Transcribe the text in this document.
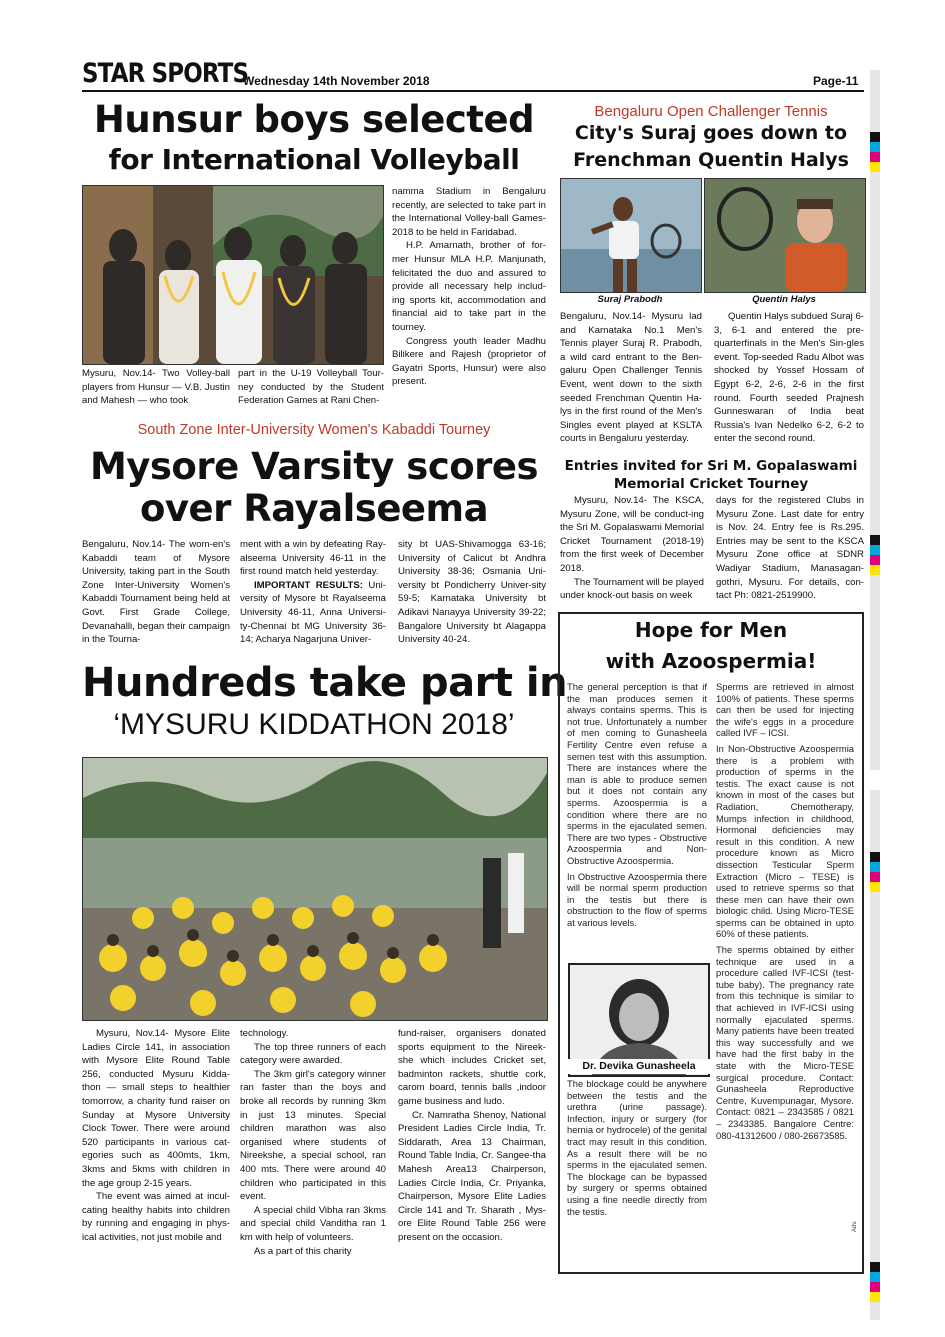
STAR SPORTS
Wednesday 14th November 2018	Page-11
Hunsur boys selected
for International Volleyball

Mysuru, Nov.14- Two Volley-ball players from Hunsur — V.B. Justin and Mahesh — who took

part in the U-19 Volleyball Tour-ney conducted by the Student Federation Games at Rani Chen-

namma Stadium in Bengaluru recently, are selected to take part in the International Volley-ball Games-2018 to be held in Faridabad.

H.P. Amarnath, brother of for-mer Hunsur MLA H.P. Manjunath, felicitated the duo and assured to provide all necessary help includ-ing sports kit, accommodation and financial aid to take part in the tourney.

Congress youth leader Madhu Bilikere and Rajesh (proprietor of Gayatri Sports, Hunsur) were also present.

Bengaluru Open Challenger Tennis
City's Suraj goes down to
Frenchman Quentin Halys
Suraj Prabodh	Quentin Halys

Bengaluru, Nov.14- Mysuru lad and Karnataka No.1 Men's Tennis player Suraj R. Prabodh, a wild card entrant to the Ben-galuru Open Challenger Tennis Event, went down to the sixth seeded Frenchman Quentin Ha-lys in the first round of the Men's Singles event played at KSLTA courts in Bengaluru yesterday.

Quentin Halys subdued Suraj 6-3, 6-1 and entered the pre-quarterfinals in the Men's Sin-gles event. Top-seeded Radu Albot was shocked by Yossef Hossam of Egypt 6-2, 2-6, 2-6 in the first round. Fourth seeded Prajnesh Gunneswaran of India beat Russia's Ivan Nedelko 6-2, 6-2 to enter the second round.

South Zone Inter-University Women's Kabaddi Tourney
Mysore Varsity scores
over Rayalseema

Bengaluru, Nov.14- The wom-en's Kabaddi team of Mysore University, taking part in the South Zone Inter-University Women's Kabaddi Tournament being held at Govt. First Grade College, Devanahalli, began their campaign in the Tourna-

ment with a win by defeating Ray-alseema University 46-11 in the first round match held yesterday.

IMPORTANT RESULTS: Uni-versity of Mysore bt Rayalseema University 46-11, Anna Universi-ty-Chennai bt MG University 36-14; Acharya Nagarjuna Univer-

sity bt UAS-Shivamogga 63-16; University of Calicut bt Andhra University 38-36; Osmania Uni-versity bt Pondicherry Univer-sity 59-5; Karnataka University bt Adikavi Nanayya University 39-22; Bangalore University bt Alagappa University 40-24.

Entries invited for Sri M. Gopalaswami
Memorial Cricket Tourney

Mysuru, Nov.14- The KSCA, Mysuru Zone, will be conduct-ing the Sri M. Gopalaswami Memorial Cricket Tournament (2018-19) from the first week of December 2018.

The Tournament will be played under knock-out basis on week

days for the registered Clubs in Mysuru Zone. Last date for entry is Nov. 24. Entry fee is Rs.295. Entries may be sent to the KSCA Mysuru Zone office at SDNR Wadiyar Stadium, Manasagan-gothri, Mysuru. For details, con-tact Ph: 0821-2519900.

Hundreds take part in
‘MYSURU KIDDATHON 2018’

Mysuru, Nov.14- Mysore Elite Ladies Circle 141, in association with Mysore Elite Round Table 256, conducted Mysuru Kidda-thon — small steps to healthier tomorrow, a charity fund raiser on Sunday at Mysore University Clock Tower. There were around 520 participants in various cat-egories such as 400mts, 1km, 3kms and 5kms with children in the age group 2-15 years.

The event was aimed at incul-cating healthy habits into children by running and engaging in phys-ical activities, not just mobile and

technology.

The top three runners of each category were awarded.

The 3km girl's category winner ran faster than the boys and broke all records by running 3km in just 13 minutes. Special children marathon was also organised where students of Nireekshe, a special school, ran 400 mts. There were around 40 children who participated in this event.

A special child Vibha ran 3kms and special child Vanditha ran 1 km with help of volunteers.

As a part of this charity

fund-raiser, organisers donated sports equipment to the Nireek-she which includes Cricket set, badminton rackets, shuttle cork, carom board, tennis balls ,indoor game business and ludo.

Cr. Namratha Shenoy, National President Ladies Circle India, Tr. Siddarath, Area 13 Chairman, Round Table India, Cr. Sangee-tha Mahesh Area13 Chairperson, Ladies Circle India, Cr. Priyanka, Chairperson, Mysore Elite Ladies Circle 141 and Tr. Sharath , Mys-ore Elite Round Table 256 were present on the occasion.

Hope for Men
with Azoospermia!

The general perception is that if the man produces semen it always contains sperms. This is not true. Unfortunately a number of men coming to Gunasheela Fertility Centre even refuse a semen test with this assumption. There are instances where the man is able to produce semen but it does not contain any sperms. Azoospermia is a condition where there are no sperms in the ejaculated semen. There are two types - Obstructive Azoospermia and Non-Obstructive Azoospermia.

In Obstructive Azoospermia there will be normal sperm production in the testis but there is obstruction to the flow of sperms at various levels.

Dr. Devika Gunasheela

The blockage could be anywhere between the testis and the urethra (urine passage). Infection, injury or surgery (for hernia or hydrocele) of the genital tract may result in this condition. As a result there will be no sperms in the ejaculated semen. The blockage can be bypassed by surgery or sperms obtained using a fine needle directly from the testis.

Sperms are retrieved in almost 100% of patients. These sperms can then be used for injecting the wife's eggs in a procedure called IVF – ICSI.

In Non-Obstructive Azoospermia there is a problem with production of sperms in the testis. The exact cause is not known in most of the cases but Radiation, Chemotherapy, Mumps infection in childhood, Hormonal deficiencies may result in this condition. A new procedure known as Micro dissection Testicular Sperm Extraction (Micro – TESE) is used to retrieve sperms so that these men can have their own biologic child. Using Micro-TESE sperms can be obtained in upto 60% of these patients.

The sperms obtained by either technique are used in a procedure called IVF-ICSI (test-tube baby). The pregnancy rate from this technique is similar to that achieved in IVF-ICSI using normally ejaculated sperms. Many patients have been treated this way successfully and we have had the first baby in the state with the Micro-TESE surgical procedure. Contact: Gunasheela Reproductive Centre, Kuvempunagar, Mysore. Contact: 0821 – 2343585 / 0821 – 2343385. Bangalore Centre: 080-41312600 / 080-26673585.

Adv.
